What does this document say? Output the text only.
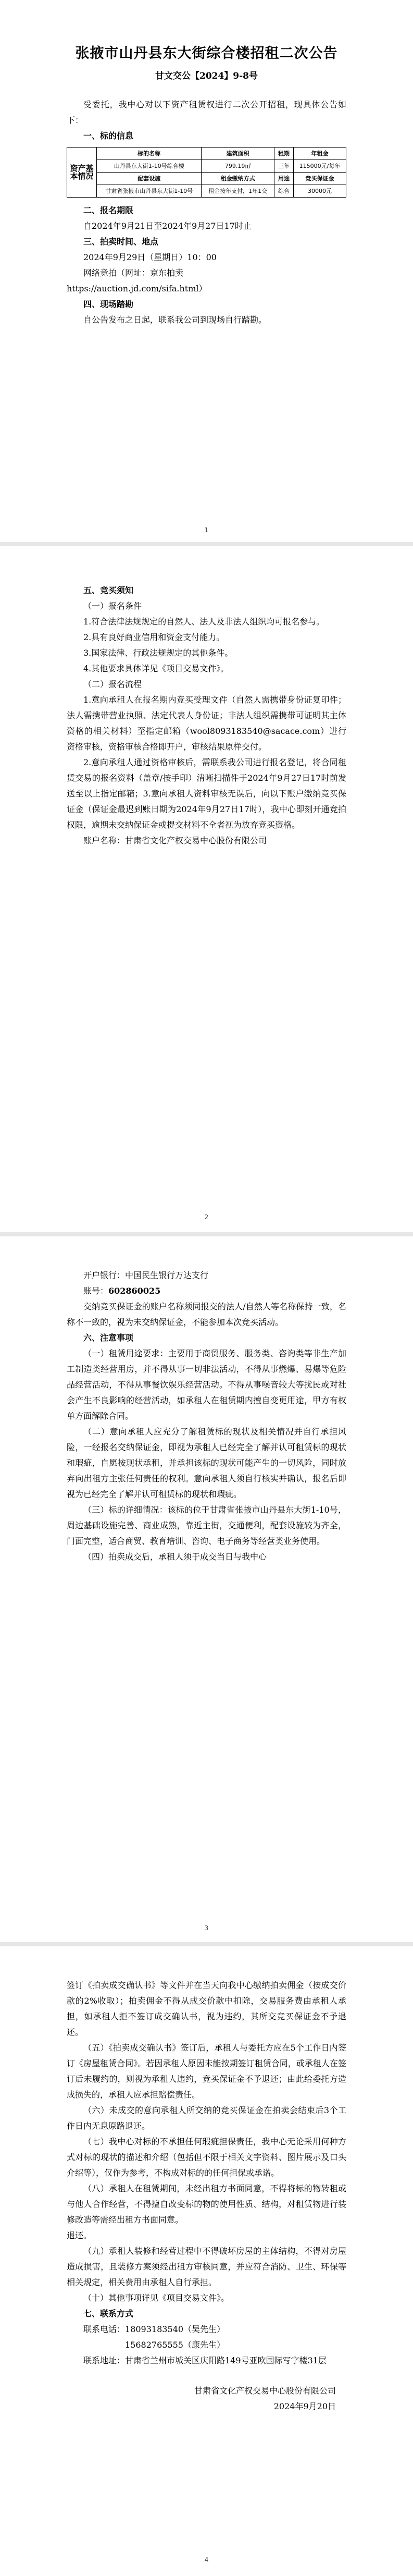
张掖市山丹县东大街综合楼招租二次公告
甘文交公【2024】9-8号

受委托，我中心对以下资产租赁权进行二次公开招租，现具体公告如下：

一、标的信息
资产基本情况	标的名称	建筑面积	租期	年租金
	山丹县东大街1-10号综合楼	799.19㎡	三年	115000元/每年
	配套设施	租金缴纳方式	用途	竞买保证金
	甘肃省张掖市山丹县东大街1-10号	租金按年支付，1年1交	综合	30000元
二、报名期限

自2024年9月21日至2024年9月27日17时止

三、拍卖时间、地点

2024年9月29日（星期日）10：00

网络竞拍（网址：京东拍卖

https://auction.jd.com/sifa.html）

四、现场踏勘

自公告发布之日起，联系我公司到现场自行踏勘。

1
五、竞买须知

（一）报名条件

1.符合法律法规规定的自然人、法人及非法人组织均可报名参与。

2.具有良好商业信用和资金支付能力。

3.国家法律、行政法规规定的其他条件。

4.其他要求具体详见《项目交易文件》。

（二）报名流程

1.意向承租人在报名期内竞买受理文件（自然人需携带身份证复印件；法人需携带营业执照、法定代表人身份证；非法人组织需携带可证明其主体资格的相关材料）至指定邮箱（wool8093183540@sacace.com）进行资格审核，资格审核合格即开户，审核结果原样交付。

2.意向承租人通过资格审核后，需联系我公司进行报名登记，将合同租赁交易的报名资料（盖章/按手印）清晰扫描件于2024年9月27日17时前发送至以上指定邮箱；3.意向承租人资料审核无误后，向以下账户缴纳竞买保证金（保证金最迟到账日期为2024年9月27日17时），我中心即刻开通竞拍权限，逾期未交纳保证金或提交材料不全者视为放弃竞买资格。

账户名称：甘肃省文化产权交易中心股份有限公司

2

开户银行：中国民生银行万达支行

账号：602860025

交纳竞买保证金的账户名称须同报交的法人/自然人等名称保持一致，名称不一致的，视为未交纳保证金，不能参加本次竞买活动。

六、注意事项

（一）租赁用途要求：主要用于商贸服务、服务类、咨询类等非生产加工制造类经营用房，并不得从事一切非法活动，不得从事燃爆、易爆等危险品经营活动，不得从事餐饮娱乐经营活动。不得从事噪音较大等扰民或对社会产生不良影响的经营活动，如承租人在租赁期内擅自变更用途，甲方有权单方面解除合同。

（二）意向承租人应充分了解租赁标的现状及相关情况并自行承担风险，一经报名交纳保证金，即视为承租人已经完全了解并认可租赁标的现状和瑕疵，自愿按现状承租，并承担该标的现状可能产生的一切风险，同时放弃向出租方主张任何责任的权利。意向承租人须自行核实并确认，报名后即视为已经完全了解并认可租赁标的现状和瑕疵。

（三）标的详细情况：该标的位于甘肃省张掖市山丹县东大街1-10号，周边基础设施完善、商业成熟，靠近主街，交通便利，配套设施较为齐全，门面完整，适合商贸、教育培训、咨询、电子商务等经营类业务使用。

（四）拍卖成交后，承租人须于成交当日与我中心

3

签订《拍卖成交确认书》等文件并在当天向我中心缴纳拍卖佣金（按成交价款的2%收取）；拍卖佣金不得从成交价款中扣除，交易服务费由承租人承担，如承租人拒不签订成交确认书，视为违约，其所交竞买保证金不予退还。

（五）《拍卖成交确认书》签订后，承租人与委托方应在5个工作日内签订《房屋租赁合同》。若因承租人原因未能按期签订租赁合同，或承租人在签订后未履约的，则视为承租人违约，竞买保证金不予退还；由此给委托方造成损失的，承租人应承担赔偿责任。

（六）未成交的意向承租人所交纳的竞买保证金在拍卖会结束后3个工作日内无息原路退还。

（七）我中心对标的不承担任何瑕疵担保责任，我中心无论采用何种方式对标的现状的描述和介绍（包括但不限于相关文字资料、图片展示及口头介绍等），仅作为参考，不构成对标的的任何担保或承诺。

（八）承租人在租赁期间，未经出租方书面同意，不得将标的物转租或与他人合作经营，不得擅自改变标的物的使用性质、结构，对租赁物进行装修改造等需经出租方书面同意。

退还。

（九）承租人装修和经营过程中不得破坏房屋的主体结构，不得对房屋造成损害，且装修方案须经出租方审核同意，并应符合消防、卫生、环保等相关规定，相关费用由承租人自行承担。

（十）其他事项详见《项目交易文件》。

七、联系方式

联系电话：18093183540（吴先生）

15682765555（康先生）

联系地址：甘肃省兰州市城关区庆阳路149号亚欧国际写字楼31层

甘肃省文化产权交易中心股份有限公司
2024年9月20日
4
